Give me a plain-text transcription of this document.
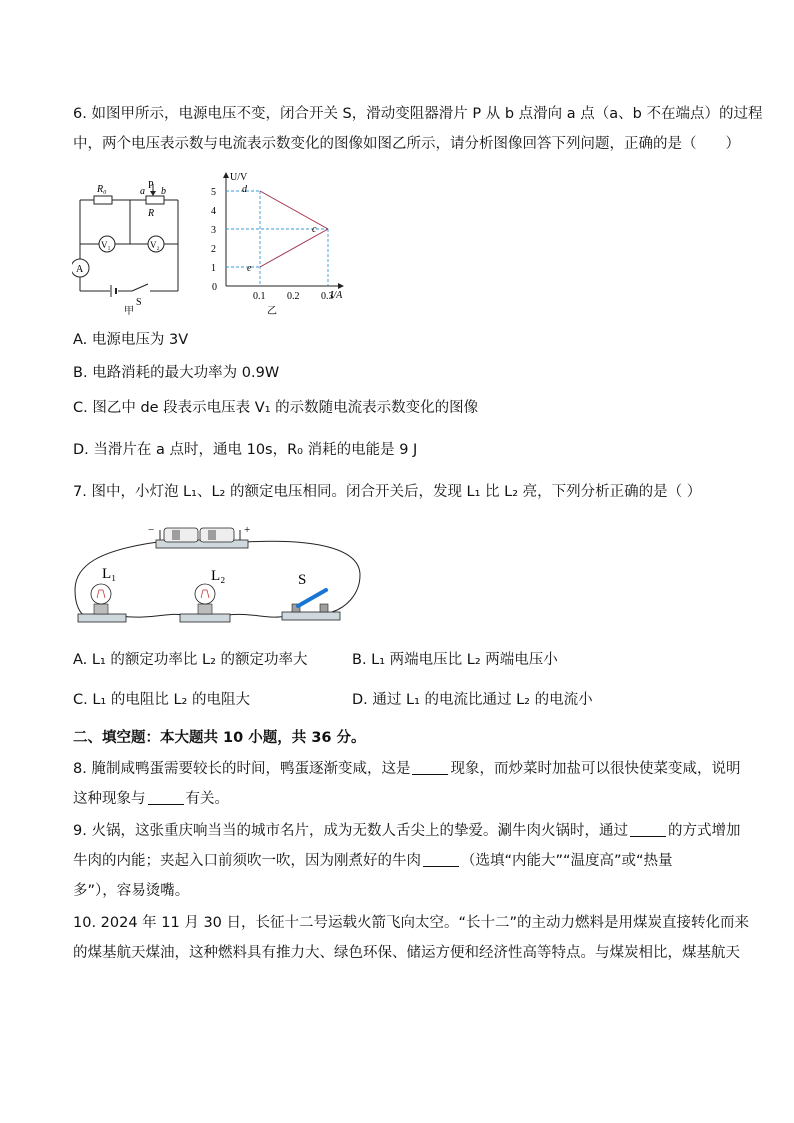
6. 如图甲所示，电源电压不变，闭合开关 S，滑动变阻器滑片 P 从 b 点滑向 a 点（a、b 不在端点）的过程
中，两个电压表示数与电流表示数变化的图像如图乙所示，请分析图像回答下列问题，正确的是（　　）
R₀	P
a b
R
V₁	V₂
A
S
甲
5
4
3
2
1
0
0.1 0.2 0.3
U/V
I/A
d
c
e
乙
A. 电源电压为 3V
B. 电路消耗的最大功率为 0.9W
C. 图乙中 de 段表示电压表 V₁ 的示数随电流表示数变化的图像
D. 当滑片在 a 点时，通电 10s，R₀ 消耗的电能是 9 J
7. 图中，小灯泡 L₁、L₂ 的额定电压相同。闭合开关后，发现 L₁ 比 L₂ 亮，下列分析正确的是（ ）
−	+
L₁	L₂	S
A. L₁ 的额定功率比 L₂ 的额定功率大	B. L₁ 两端电压比 L₂ 两端电压小
C. L₁ 的电阻比 L₂ 的电阻大	D. 通过 L₁ 的电流比通过 L₂ 的电流小
二、填空题：本大题共 10 小题，共 36 分。
8. 腌制咸鸭蛋需要较长的时间，鸭蛋逐渐变咸，这是	现象，而炒菜时加盐可以很快使菜变咸，说明
这种现象与	有关。
9. 火锅，这张重庆响当当的城市名片，成为无数人舌尖上的挚爱。涮牛肉火锅时，通过	的方式增加
牛肉的内能；夹起入口前须吹一吹，因为刚煮好的牛肉	（选填“内能大”“温度高”或“热量
多”），容易烫嘴。
10. 2024 年 11 月 30 日，长征十二号运载火箭飞向太空。“长十二”的主动力燃料是用煤炭直接转化而来
的煤基航天煤油，这种燃料具有推力大、绿色环保、储运方便和经济性高等特点。与煤炭相比，煤基航天
